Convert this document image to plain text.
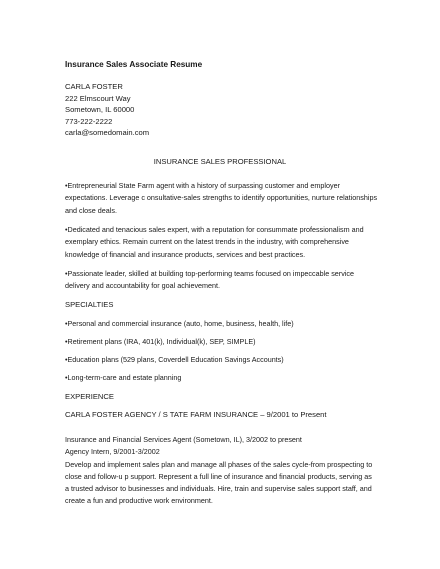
Insurance Sales Associate Resume
CARLA FOSTER
222 Elmscourt Way
Sometown, IL 60000
773-222-2222
carla@somedomain.com
INSURANCE SALES PROFESSIONAL
•Entrepreneurial State Farm agent with a history of surpassing customer and employer
expectations. Leverage c onsultative-sales strengths to identify opportunities, nurture relationships
and close deals.
•Dedicated and tenacious sales expert, with a reputation for consummate professionalism and
exemplary ethics. Remain current on the latest trends in the industry, with comprehensive
knowledge of financial and insurance products, services and best practices.
•Passionate leader, skilled at building top-performing teams focused on impeccable service
delivery and accountability for goal achievement.
SPECIALTIES
•Personal and commercial insurance (auto, home, business, health, life)
•Retirement plans (IRA, 401(k), Individual(k), SEP, SIMPLE)
•Education plans (529 plans, Coverdell Education Savings Accounts)
•Long-term-care and estate planning
EXPERIENCE
CARLA FOSTER AGENCY / S TATE FARM INSURANCE – 9/2001 to Present
Insurance and Financial Services Agent (Sometown, IL), 3/2002 to present
Agency Intern, 9/2001-3/2002
Develop and implement sales plan and manage all phases of the sales cycle-from prospecting to
close and follow-u p support. Represent a full line of insurance and financial products, serving as
a trusted advisor to businesses and individuals. Hire, train and supervise sales support staff, and
create a fun and productive work environment.
